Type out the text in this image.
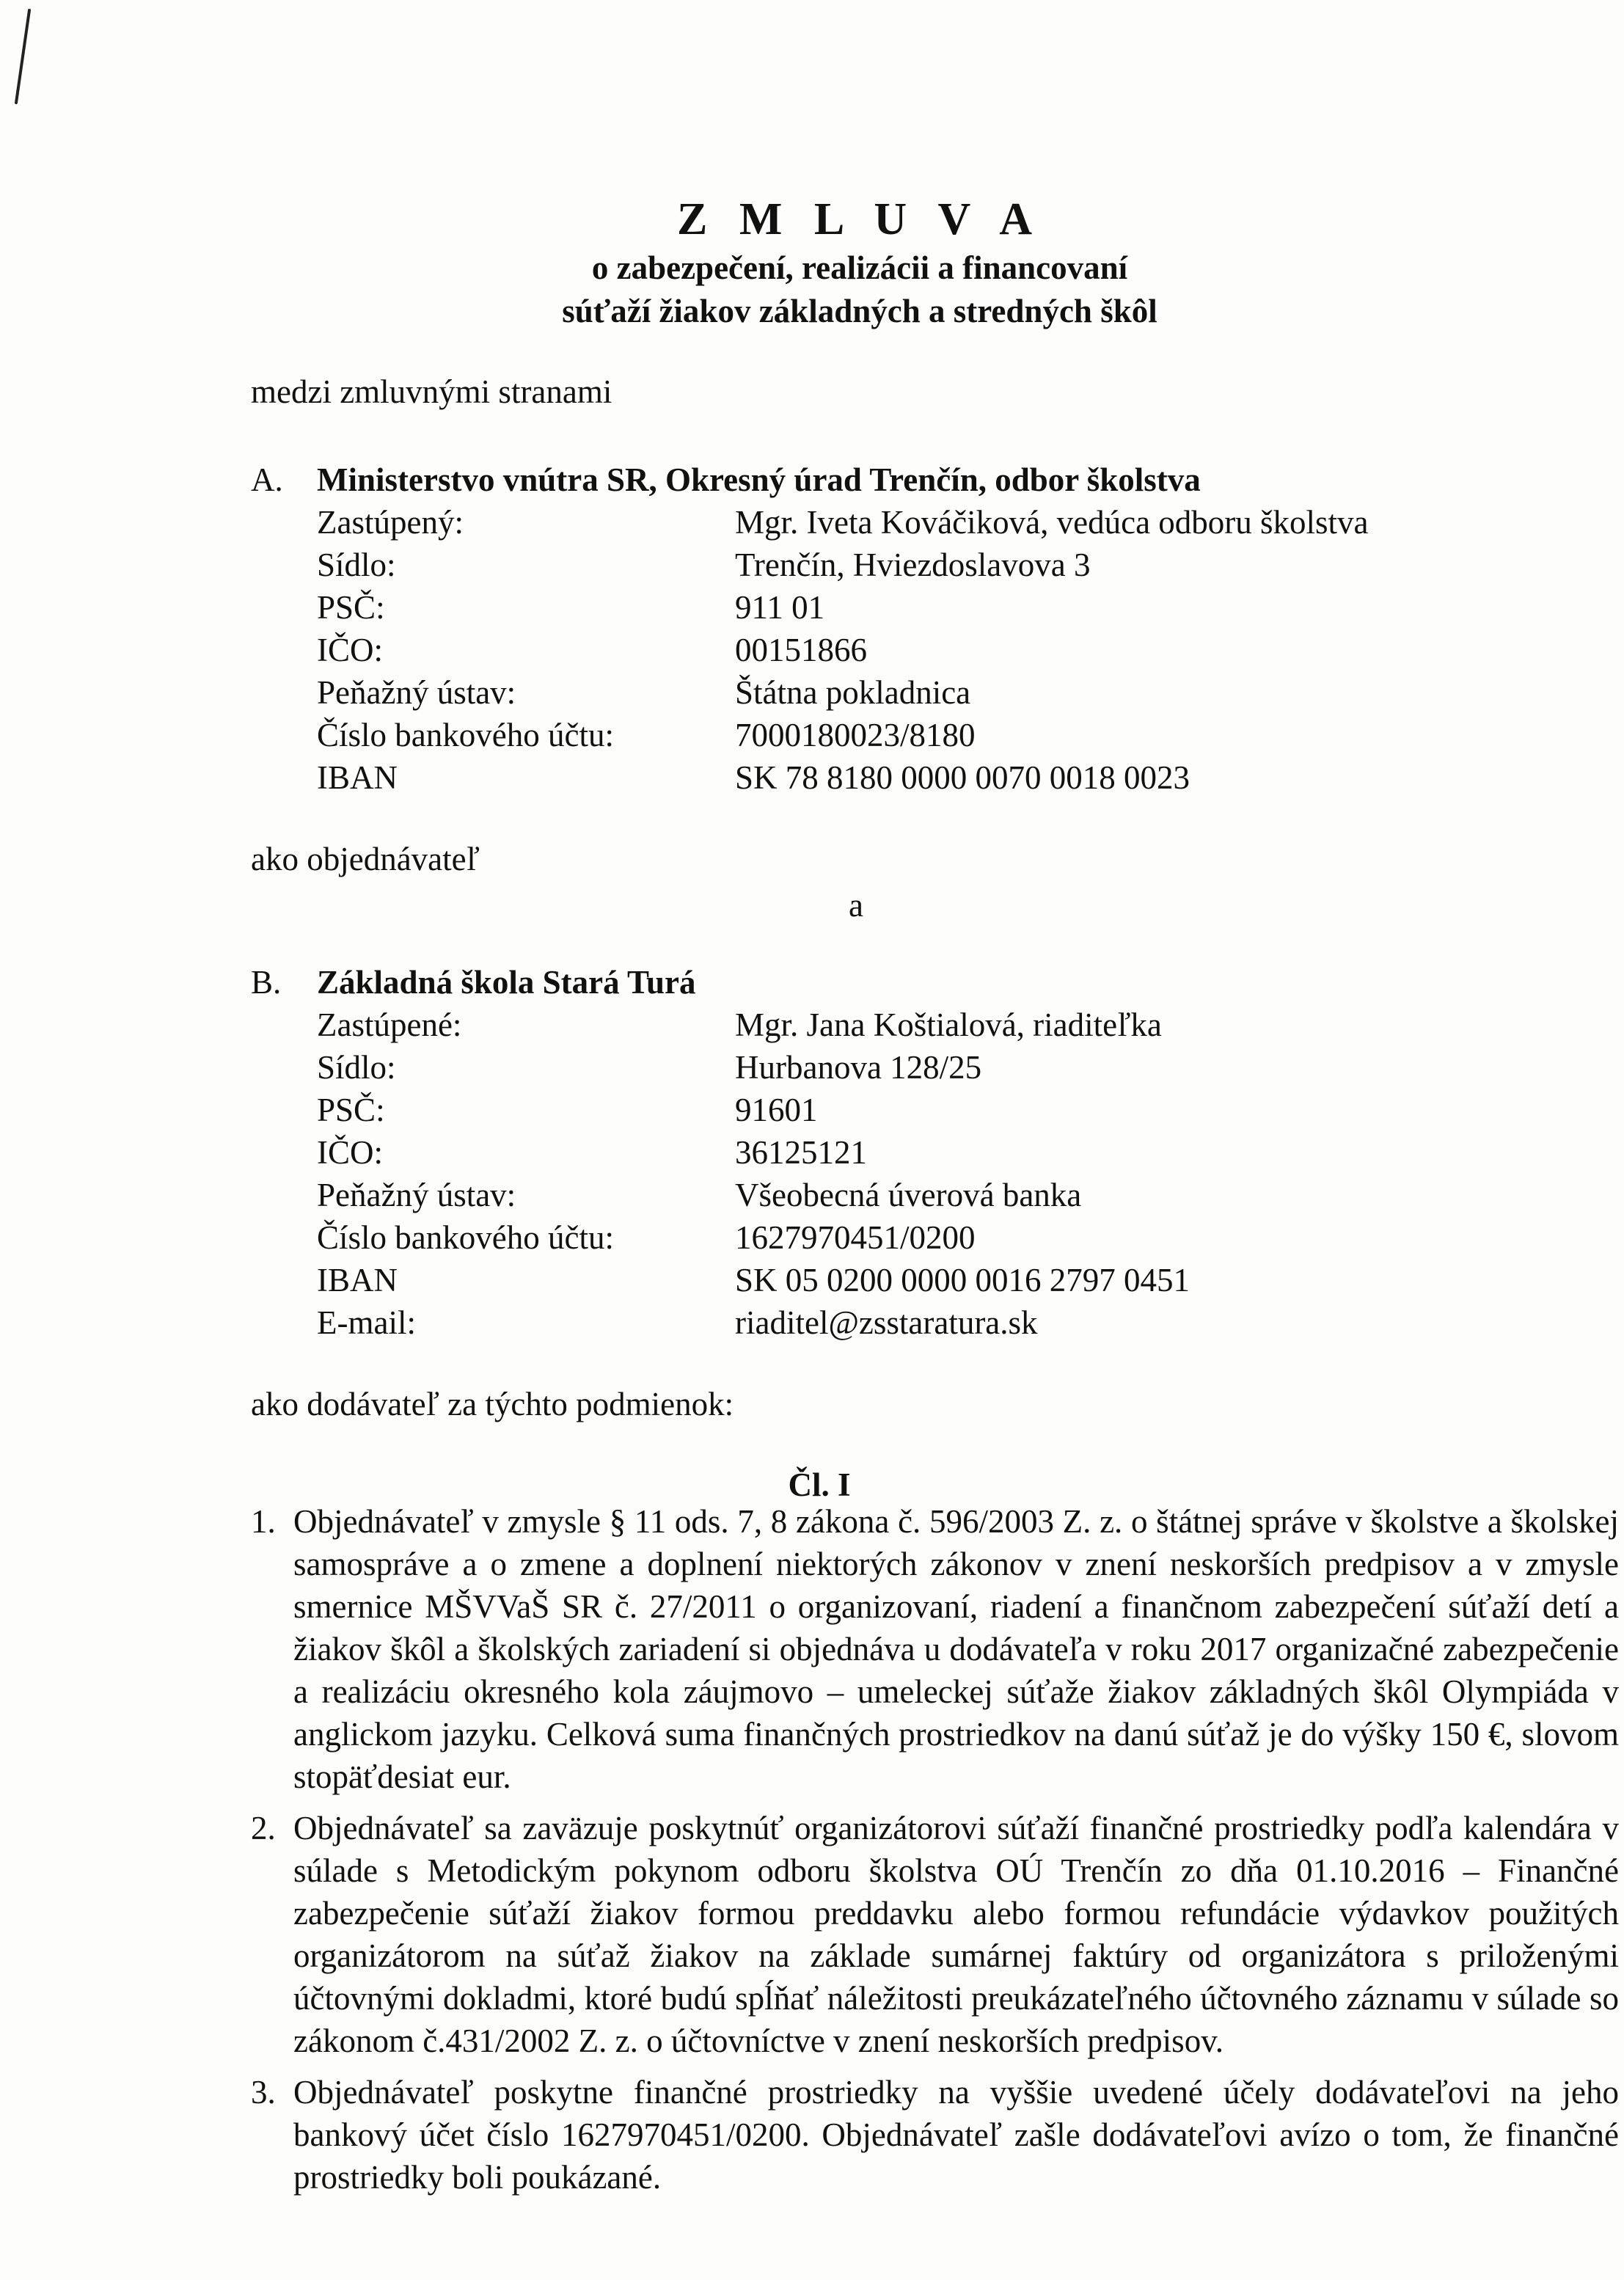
Z M L U V A
o zabezpečení, realizácii a financovaní
súťaží žiakov základných a stredných škôl
medzi zmluvnými stranami
A.	Ministerstvo vnútra SR, Okresný úrad Trenčín, odbor školstva
Zastúpený:	Mgr. Iveta Kováčiková, vedúca odboru školstva
Sídlo:	Trenčín, Hviezdoslavova 3
PSČ:	911 01
IČO:	00151866
Peňažný ústav:	Štátna pokladnica
Číslo bankového účtu:	7000180023/8180
IBAN	SK 78 8180 0000 0070 0018 0023
ako objednávateľ
a
B.	Základná škola Stará Turá
Zastúpené:	Mgr. Jana Koštialová, riaditeľka
Sídlo:	Hurbanova 128/25
PSČ:	91601
IČO:	36125121
Peňažný ústav:	Všeobecná úverová banka
Číslo bankového účtu:	1627970451/0200
IBAN	SK 05 0200 0000 0016 2797 0451
E-mail:	riaditel@zsstaratura.sk
ako dodávateľ za týchto podmienok:
Čl. I
1. Objednávateľ v zmysle § 11 ods. 7, 8 zákona č. 596/2003 Z. z. o štátnej správe v školstve a školskej samospráve a o zmene a doplnení niektorých zákonov v znení neskorších predpisov a v zmysle smernice MŠVVaŠ SR č. 27/2011 o organizovaní, riadení a finančnom zabezpečení súťaží detí a žiakov škôl a školských zariadení si objednáva u dodávateľa v roku 2017 organizačné zabezpečenie a realizáciu okresného kola záujmovo – umeleckej súťaže žiakov základných škôl Olympiáda v anglickom jazyku. Celková suma finančných prostriedkov na danú súťaž je do výšky 150 €, slovom stopäťdesiat eur.
2. Objednávateľ sa zaväzuje poskytnúť organizátorovi súťaží finančné prostriedky podľa kalendára v súlade s Metodickým pokynom odboru školstva OÚ Trenčín zo dňa 01.10.2016 – Finančné zabezpečenie súťaží žiakov formou preddavku alebo formou refundácie výdavkov použitých organizátorom na súťaž žiakov na základe sumárnej faktúry od organizátora s priloženými účtovnými dokladmi, ktoré budú spĺňať náležitosti preukázateľného účtovného záznamu v súlade so zákonom č.431/2002 Z. z. o účtovníctve v znení neskorších predpisov.
3. Objednávateľ poskytne finančné prostriedky na vyššie uvedené účely dodávateľovi na jeho bankový účet číslo 1627970451/0200. Objednávateľ zašle dodávateľovi avízo o tom, že finančné prostriedky boli poukázané.
